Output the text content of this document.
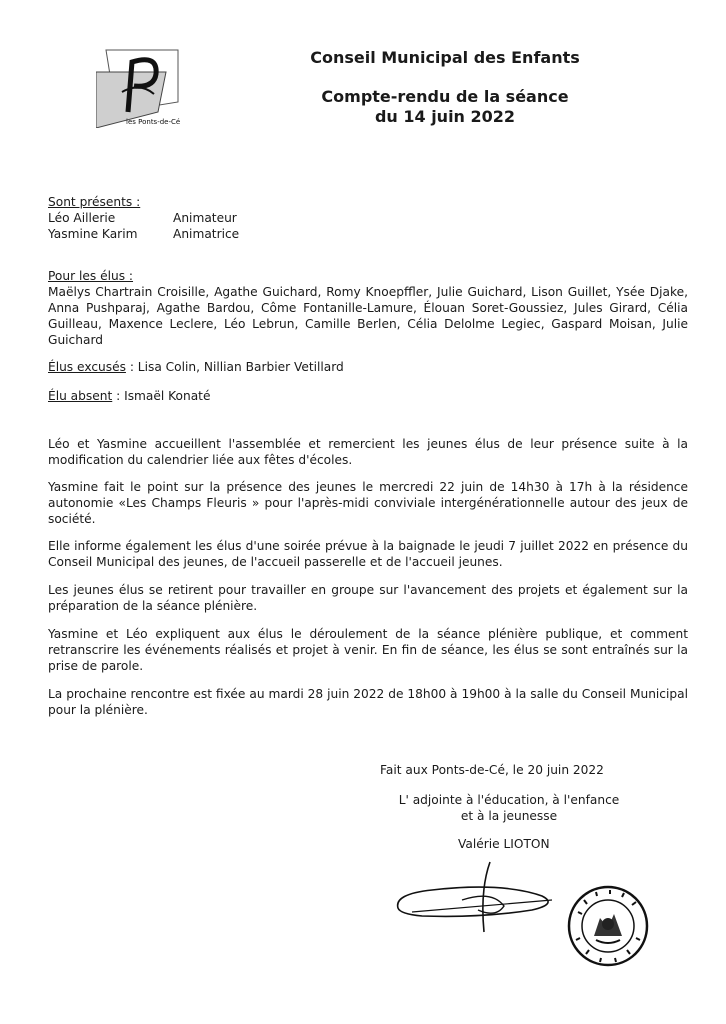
les Ponts-de-Cé
Conseil Municipal des Enfants
Compte-rendu de la séance
du 14 juin 2022
Sont présents :
Léo Aillerie	Animateur
Yasmine Karim	Animatrice
Pour les élus :

Maëlys Chartrain Croisille, Agathe Guichard, Romy Knoepffler, Julie Guichard, Lison Guillet, Ysée Djake, Anna Pushparaj, Agathe Bardou, Côme Fontanille-Lamure, Élouan Soret-Goussiez, Jules Girard, Célia Guilleau, Maxence Leclere, Léo Lebrun, Camille Berlen, Célia Delolme Legiec, Gaspard Moisan, Julie Guichard

Élus excusés : Lisa Colin, Nillian Barbier Vetillard
Élu absent : Ismaël Konaté

Léo et Yasmine accueillent l'assemblée et remercient les jeunes élus de leur présence suite à la modification du calendrier liée aux fêtes d'écoles.

Yasmine fait le point sur la présence des jeunes le mercredi 22 juin de 14h30 à 17h à la résidence autonomie «Les Champs Fleuris » pour l'après-midi conviviale intergénérationnelle autour des jeux de société.

Elle informe également les élus d'une soirée prévue à la baignade le jeudi 7 juillet 2022 en présence du Conseil Municipal des jeunes, de l'accueil passerelle et de l'accueil jeunes.

Les jeunes élus se retirent pour travailler en groupe sur l'avancement des projets et également sur la préparation de la séance plénière.

Yasmine et Léo expliquent aux élus le déroulement de la séance plénière publique, et comment retranscrire les événements réalisés et projet à venir. En fin de séance, les élus se sont entraînés sur la prise de parole.

La prochaine rencontre est fixée au mardi 28 juin 2022 de 18h00 à 19h00 à la salle du Conseil Municipal pour la plénière.

Fait aux Ponts-de-Cé, le 20 juin 2022
L' adjointe à l'éducation, à l'enfance
et à la jeunesse
Valérie LIOTON
